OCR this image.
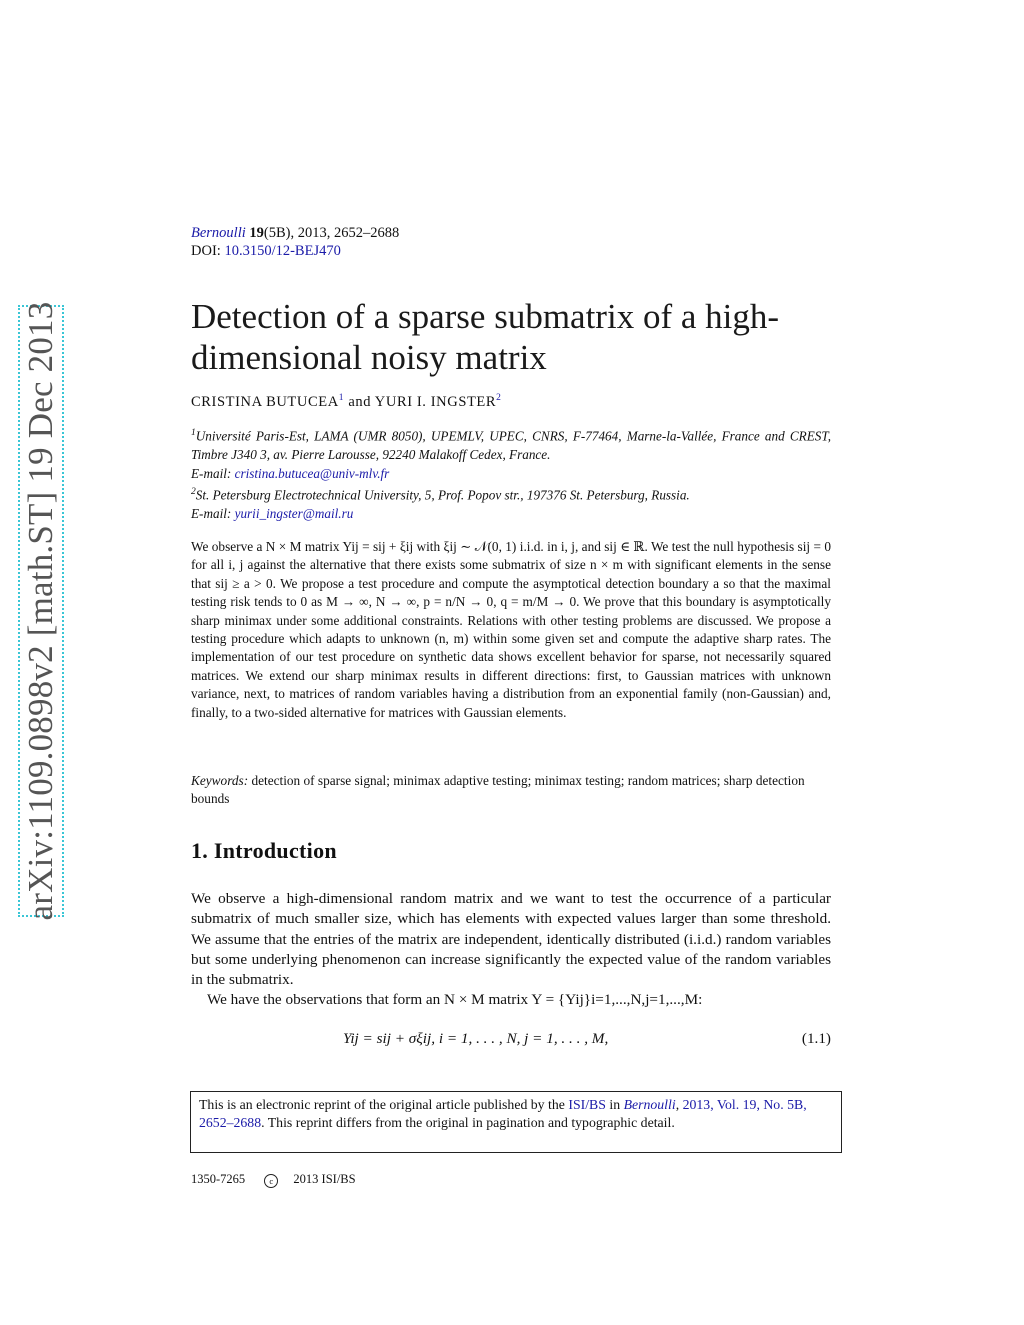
arXiv:1109.0898v2 [math.ST] 19 Dec 2013
Bernoulli 19(5B), 2013, 2652–2688
DOI: 10.3150/12-BEJ470
Detection of a sparse submatrix of a high-dimensional noisy matrix
CRISTINA BUTUCEA$^1$ and YURI I. INGSTER$^2$

$^1$Université Paris-Est, LAMA (UMR 8050), UPEMLV, UPEC, CNRS, F-77464, Marne-la-Vallée, France and CREST, Timbre J340 3, av. Pierre Larousse, 92240 Malakoff Cedex, France.
E-mail: cristina.butucea@univ-mlv.fr

$^2$St. Petersburg Electrotechnical University, 5, Prof. Popov str., 197376 St. Petersburg, Russia.
E-mail: yurii_ingster@mail.ru

We observe a N × M matrix Yij = sij + ξij with ξij ∼ 𝒩(0, 1) i.i.d. in i, j, and sij ∈ ℝ. We test the null hypothesis sij = 0 for all i, j against the alternative that there exists some submatrix of size n × m with significant elements in the sense that sij ≥ a > 0. We propose a test procedure and compute the asymptotical detection boundary a so that the maximal testing risk tends to 0 as M → ∞, N → ∞, p = n/N → 0, q = m/M → 0. We prove that this boundary is asymptotically sharp minimax under some additional constraints. Relations with other testing problems are discussed. We propose a testing procedure which adapts to unknown (n, m) within some given set and compute the adaptive sharp rates. The implementation of our test procedure on synthetic data shows excellent behavior for sparse, not necessarily squared matrices. We extend our sharp minimax results in different directions: first, to Gaussian matrices with unknown variance, next, to matrices of random variables having a distribution from an exponential family (non-Gaussian) and, finally, to a two-sided alternative for matrices with Gaussian elements.

Keywords: detection of sparse signal; minimax adaptive testing; minimax testing; random matrices; sharp detection bounds

1. Introduction

We observe a high-dimensional random matrix and we want to test the occurrence of a particular submatrix of much smaller size, which has elements with expected values larger than some threshold. We assume that the entries of the matrix are independent, identically distributed (i.i.d.) random variables but some underlying phenomenon can increase significantly the expected value of the random variables in the submatrix.

We have the observations that form an N × M matrix Y = {Yij}i=1,...,N,j=1,...,M:

Yij = sij + σξij, i = 1, . . . , N, j = 1, . . . , M,	(1.1)
This is an electronic reprint of the original article published by the ISI/BS in Bernoulli, 2013, Vol. 19, No. 5B, 2652–2688. This reprint differs from the original in pagination and typographic detail.
1350-7265	c 2013 ISI/BS
